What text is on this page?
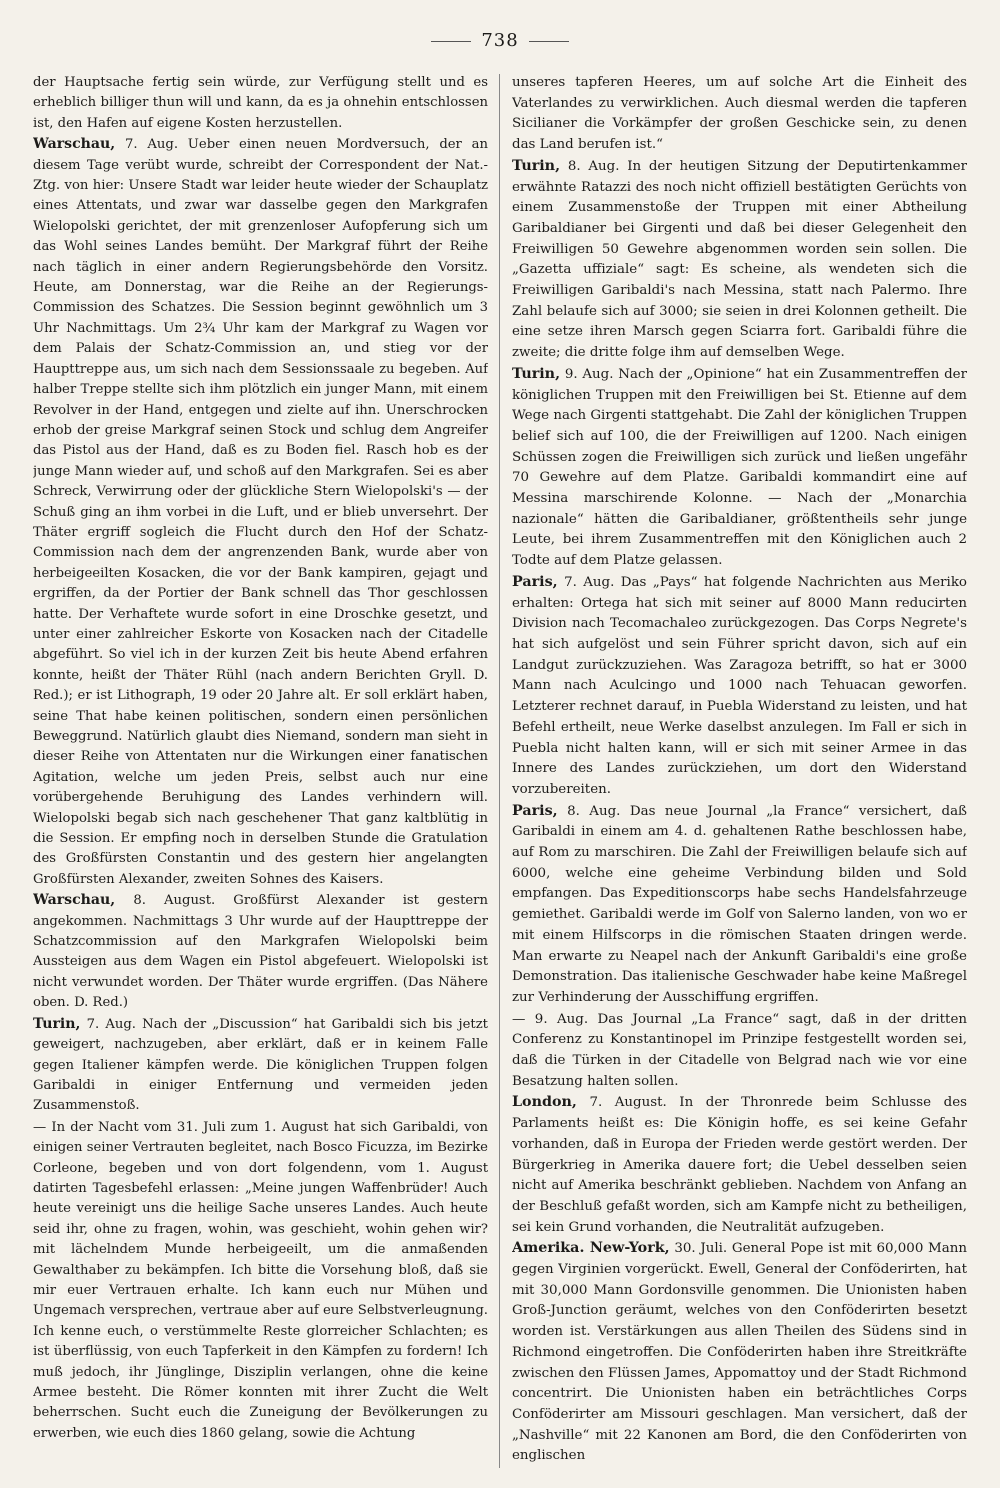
738

der Hauptsache fertig sein würde, zur Verfügung stellt und es erheblich billiger thun will und kann, da es ja ohnehin entschlossen ist, den Hafen auf eigene Kosten herzustellen.

Warschau, 7. Aug. Ueber einen neuen Mordversuch, der an diesem Tage verübt wurde, schreibt der Correspondent der Nat.-Ztg. von hier: Unsere Stadt war leider heute wieder der Schauplatz eines Attentats, und zwar war dasselbe gegen den Markgrafen Wielopolski gerichtet, der mit grenzenloser Aufopferung sich um das Wohl seines Landes bemüht. Der Markgraf führt der Reihe nach täglich in einer andern Regierungsbehörde den Vorsitz. Heute, am Donnerstag, war die Reihe an der Regierungs-Commission des Schatzes. Die Session beginnt gewöhnlich um 3 Uhr Nachmittags. Um 2¾ Uhr kam der Markgraf zu Wagen vor dem Palais der Schatz-Commission an, und stieg vor der Haupttreppe aus, um sich nach dem Sessionssaale zu begeben. Auf halber Treppe stellte sich ihm plötzlich ein junger Mann, mit einem Revolver in der Hand, entgegen und zielte auf ihn. Unerschrocken erhob der greise Markgraf seinen Stock und schlug dem Angreifer das Pistol aus der Hand, daß es zu Boden fiel. Rasch hob es der junge Mann wieder auf, und schoß auf den Markgrafen. Sei es aber Schreck, Verwirrung oder der glückliche Stern Wielopolski's — der Schuß ging an ihm vorbei in die Luft, und er blieb unversehrt. Der Thäter ergriff sogleich die Flucht durch den Hof der Schatz-Commission nach dem der angrenzenden Bank, wurde aber von herbeigeeilten Kosacken, die vor der Bank kampiren, gejagt und ergriffen, da der Portier der Bank schnell das Thor geschlossen hatte. Der Verhaftete wurde sofort in eine Droschke gesetzt, und unter einer zahlreicher Eskorte von Kosacken nach der Citadelle abgeführt. So viel ich in der kurzen Zeit bis heute Abend erfahren konnte, heißt der Thäter Rühl (nach andern Berichten Gryll. D. Red.); er ist Lithograph, 19 oder 20 Jahre alt. Er soll erklärt haben, seine That habe keinen politischen, sondern einen persönlichen Beweggrund. Natürlich glaubt dies Niemand, sondern man sieht in dieser Reihe von Attentaten nur die Wirkungen einer fanatischen Agitation, welche um jeden Preis, selbst auch nur eine vorübergehende Beruhigung des Landes verhindern will. Wielopolski begab sich nach geschehener That ganz kaltblütig in die Session. Er empfing noch in derselben Stunde die Gratulation des Großfürsten Constantin und des gestern hier angelangten Großfürsten Alexander, zweiten Sohnes des Kaisers.

Warschau, 8. August. Großfürst Alexander ist gestern angekommen. Nachmittags 3 Uhr wurde auf der Haupttreppe der Schatzcommission auf den Markgrafen Wielopolski beim Aussteigen aus dem Wagen ein Pistol abgefeuert. Wielopolski ist nicht verwundet worden. Der Thäter wurde ergriffen. (Das Nähere oben. D. Red.)

Turin, 7. Aug. Nach der „Discussion“ hat Garibaldi sich bis jetzt geweigert, nachzugeben, aber erklärt, daß er in keinem Falle gegen Italiener kämpfen werde. Die königlichen Truppen folgen Garibaldi in einiger Entfernung und vermeiden jeden Zusammenstoß.

— In der Nacht vom 31. Juli zum 1. August hat sich Garibaldi, von einigen seiner Vertrauten begleitet, nach Bosco Ficuzza, im Bezirke Corleone, begeben und von dort folgendenn, vom 1. August datirten Tagesbefehl erlassen: „Meine jungen Waffenbrüder! Auch heute vereinigt uns die heilige Sache unseres Landes. Auch heute seid ihr, ohne zu fragen, wohin, was geschieht, wohin gehen wir? mit lächelndem Munde herbeigeeilt, um die anmaßenden Gewalthaber zu bekämpfen. Ich bitte die Vorsehung bloß, daß sie mir euer Vertrauen erhalte. Ich kann euch nur Mühen und Ungemach versprechen, vertraue aber auf eure Selbstverleugnung. Ich kenne euch, o verstümmelte Reste glorreicher Schlachten; es ist überflüssig, von euch Tapferkeit in den Kämpfen zu fordern! Ich muß jedoch, ihr Jünglinge, Disziplin verlangen, ohne die keine Armee besteht. Die Römer konnten mit ihrer Zucht die Welt beherrschen. Sucht euch die Zuneigung der Bevölkerungen zu erwerben, wie euch dies 1860 gelang, sowie die Achtung

unseres tapferen Heeres, um auf solche Art die Einheit des Vaterlandes zu verwirklichen. Auch diesmal werden die tapferen Sicilianer die Vorkämpfer der großen Geschicke sein, zu denen das Land berufen ist.“

Turin, 8. Aug. In der heutigen Sitzung der Deputirtenkammer erwähnte Ratazzi des noch nicht offiziell bestätigten Gerüchts von einem Zusammenstoße der Truppen mit einer Abtheilung Garibaldianer bei Girgenti und daß bei dieser Gelegenheit den Freiwilligen 50 Gewehre abgenommen worden sein sollen. Die „Gazetta uffiziale“ sagt: Es scheine, als wendeten sich die Freiwilligen Garibaldi's nach Messina, statt nach Palermo. Ihre Zahl belaufe sich auf 3000; sie seien in drei Kolonnen getheilt. Die eine setze ihren Marsch gegen Sciarra fort. Garibaldi führe die zweite; die dritte folge ihm auf demselben Wege.

Turin, 9. Aug. Nach der „Opinione“ hat ein Zusammentreffen der königlichen Truppen mit den Freiwilligen bei St. Etienne auf dem Wege nach Girgenti stattgehabt. Die Zahl der königlichen Truppen belief sich auf 100, die der Freiwilligen auf 1200. Nach einigen Schüssen zogen die Freiwilligen sich zurück und ließen ungefähr 70 Gewehre auf dem Platze. Garibaldi kommandirt eine auf Messina marschirende Kolonne. — Nach der „Monarchia nazionale“ hätten die Garibaldianer, größtentheils sehr junge Leute, bei ihrem Zusammentreffen mit den Königlichen auch 2 Todte auf dem Platze gelassen.

Paris, 7. Aug. Das „Pays“ hat folgende Nachrichten aus Meriko erhalten: Ortega hat sich mit seiner auf 8000 Mann reducirten Division nach Tecomachaleo zurückgezogen. Das Corps Negrete's hat sich aufgelöst und sein Führer spricht davon, sich auf ein Landgut zurückzuziehen. Was Zaragoza betrifft, so hat er 3000 Mann nach Aculcingo und 1000 nach Tehuacan geworfen. Letzterer rechnet darauf, in Puebla Widerstand zu leisten, und hat Befehl ertheilt, neue Werke daselbst anzulegen. Im Fall er sich in Puebla nicht halten kann, will er sich mit seiner Armee in das Innere des Landes zurückziehen, um dort den Widerstand vorzubereiten.

Paris, 8. Aug. Das neue Journal „la France“ versichert, daß Garibaldi in einem am 4. d. gehaltenen Rathe beschlossen habe, auf Rom zu marschiren. Die Zahl der Freiwilligen belaufe sich auf 6000, welche eine geheime Verbindung bilden und Sold empfangen. Das Expeditionscorps habe sechs Handelsfahrzeuge gemiethet. Garibaldi werde im Golf von Salerno landen, von wo er mit einem Hilfscorps in die römischen Staaten dringen werde. Man erwarte zu Neapel nach der Ankunft Garibaldi's eine große Demonstration. Das italienische Geschwader habe keine Maßregel zur Verhinderung der Ausschiffung ergriffen.

— 9. Aug. Das Journal „La France“ sagt, daß in der dritten Conferenz zu Konstantinopel im Prinzipe festgestellt worden sei, daß die Türken in der Citadelle von Belgrad nach wie vor eine Besatzung halten sollen.

London, 7. August. In der Thronrede beim Schlusse des Parlaments heißt es: Die Königin hoffe, es sei keine Gefahr vorhanden, daß in Europa der Frieden werde gestört werden. Der Bürgerkrieg in Amerika dauere fort; die Uebel desselben seien nicht auf Amerika beschränkt geblieben. Nachdem von Anfang an der Beschluß gefaßt worden, sich am Kampfe nicht zu betheiligen, sei kein Grund vorhanden, die Neutralität aufzugeben.

Amerika. New-York, 30. Juli. General Pope ist mit 60,000 Mann gegen Virginien vorgerückt. Ewell, General der Conföderirten, hat mit 30,000 Mann Gordonsville genommen. Die Unionisten haben Groß-Junction geräumt, welches von den Conföderirten besetzt worden ist. Verstärkungen aus allen Theilen des Südens sind in Richmond eingetroffen. Die Conföderirten haben ihre Streitkräfte zwischen den Flüssen James, Appomattoy und der Stadt Richmond concentrirt. Die Unionisten haben ein beträchtliches Corps Conföderirter am Missouri geschlagen. Man versichert, daß der „Nashville“ mit 22 Kanonen am Bord, die den Conföderirten von englischen
